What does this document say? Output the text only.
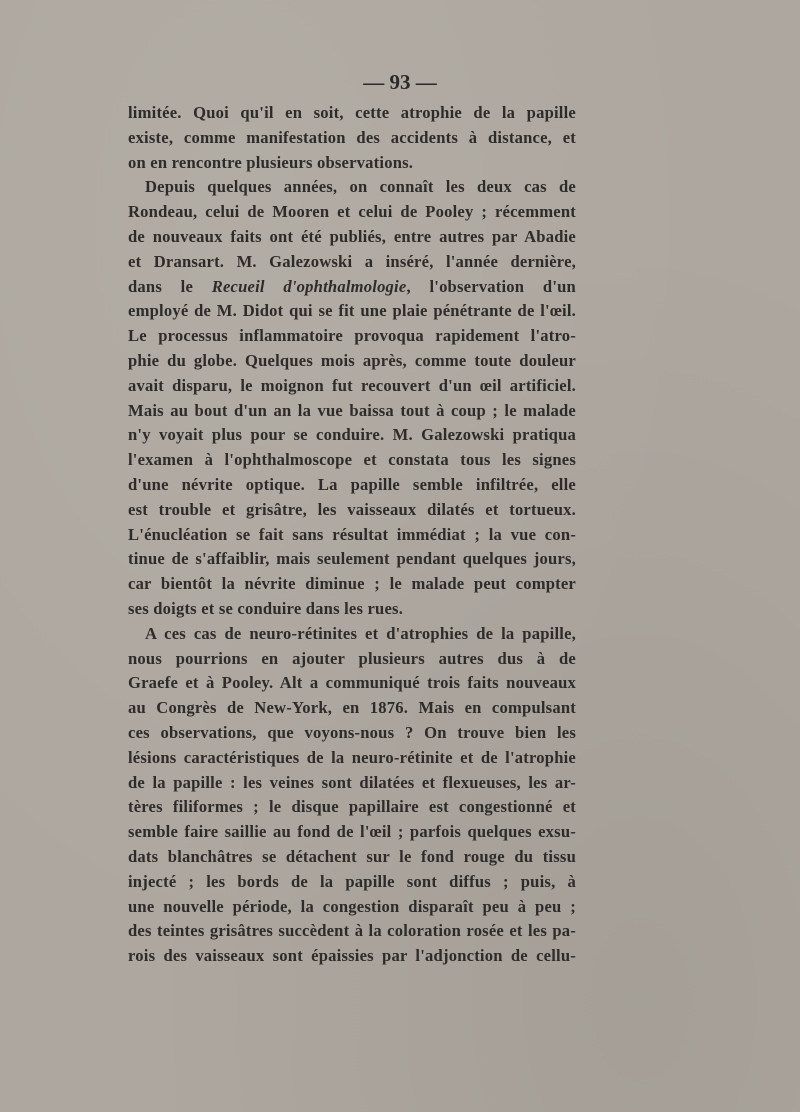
— 93 —

limitée. Quoi qu'il en soit, cette atrophie de la papille
existe, comme manifestation des accidents à distance, et
on en rencontre plusieurs observations.
Depuis quelques années, on connaît les deux cas de
Rondeau, celui de Mooren et celui de Pooley ; récemment
de nouveaux faits ont été publiés, entre autres par Abadie
et Dransart. M. Galezowski a inséré, l'année dernière,
dans le Recueil d'ophthalmologie, l'observation d'un
employé de M. Didot qui se fit une plaie pénétrante de l'œil.
Le processus inflammatoire provoqua rapidement l'atro-
phie du globe. Quelques mois après, comme toute douleur
avait disparu, le moignon fut recouvert d'un œil artificiel.
Mais au bout d'un an la vue baissa tout à coup ; le malade
n'y voyait plus pour se conduire. M. Galezowski pratiqua
l'examen à l'ophthalmoscope et constata tous les signes
d'une névrite optique. La papille semble infiltrée, elle
est trouble et grisâtre, les vaisseaux dilatés et tortueux.
L'énucléation se fait sans résultat immédiat ; la vue con-
tinue de s'affaiblir, mais seulement pendant quelques jours,
car bientôt la névrite diminue ; le malade peut compter
ses doigts et se conduire dans les rues.
A ces cas de neuro-rétinites et d'atrophies de la papille,
nous pourrions en ajouter plusieurs autres dus à de
Graefe et à Pooley. Alt a communiqué trois faits nouveaux
au Congrès de New-York, en 1876. Mais en compulsant
ces observations, que voyons-nous ? On trouve bien les
lésions caractéristiques de la neuro-rétinite et de l'atrophie
de la papille : les veines sont dilatées et flexueuses, les ar-
tères filiformes ; le disque papillaire est congestionné et
semble faire saillie au fond de l'œil ; parfois quelques exsu-
dats blanchâtres se détachent sur le fond rouge du tissu
injecté ; les bords de la papille sont diffus ; puis, à
une nouvelle période, la congestion disparaît peu à peu ;
des teintes grisâtres succèdent à la coloration rosée et les pa-
rois des vaisseaux sont épaissies par l'adjonction de cellu-
